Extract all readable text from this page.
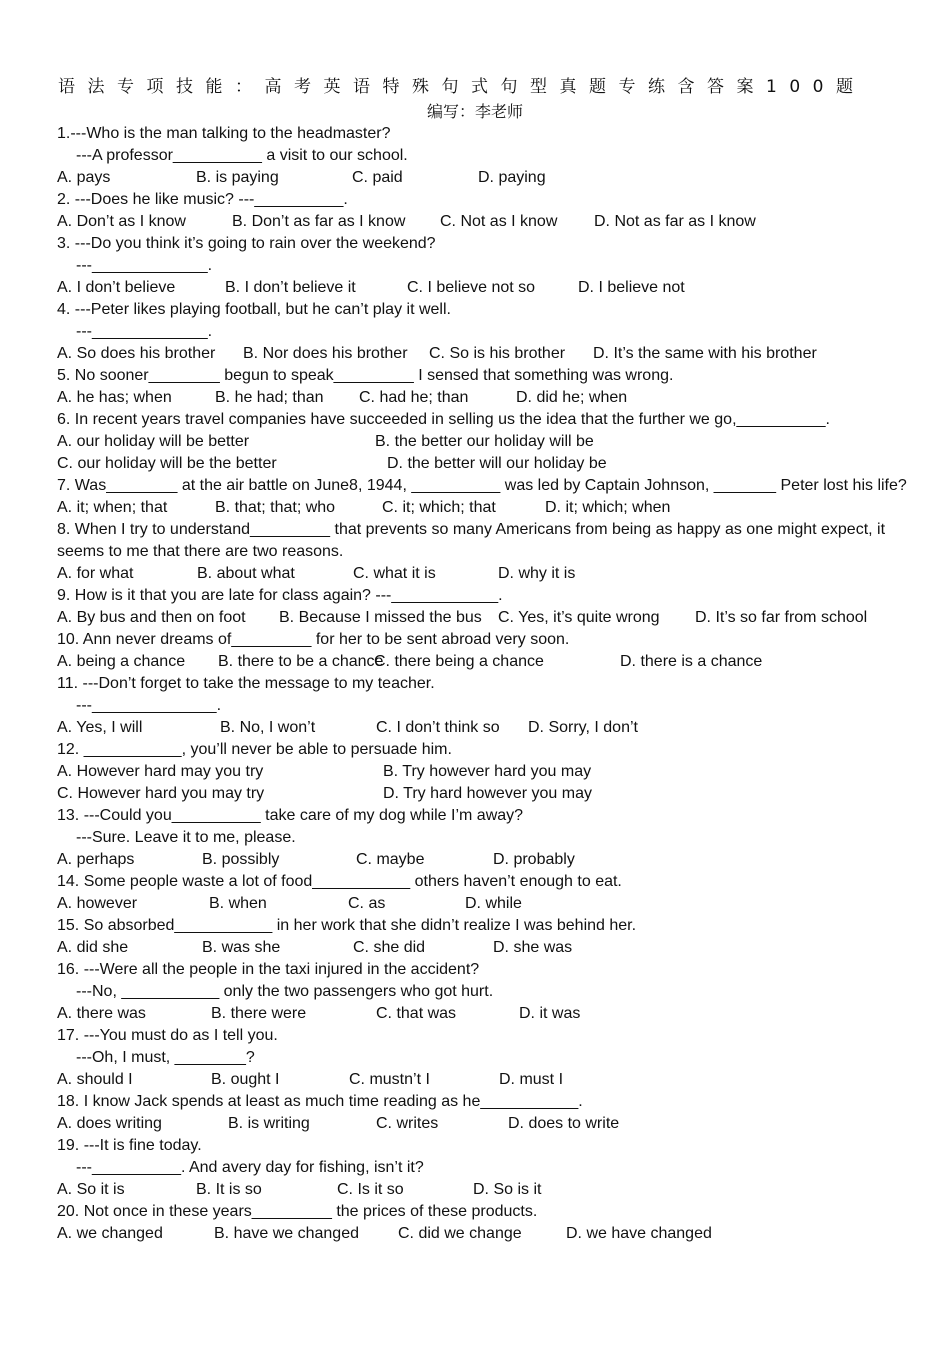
语法专项技能：高考英语特殊句式句型真题专练含答案100题
编写：李老师
1.---Who is the man talking to the headmaster?
---A professor__________ a visit to our school.
A. pays	B. is paying	C. paid	D. paying
2. ---Does he like music? ---__________.
A. Don’t as I know	B. Don’t as far as I know C. Not as I know D. Not as far as I know
3. ---Do you think it’s going to rain over the weekend?
---_____________.
A. I don’t believe	B. I don’t believe it	C. I believe not so	D. I believe not
4. ---Peter likes playing football, but he can’t play it well.
---_____________.
A. So does his brother B. Nor does his brother C. So is his brother D. It’s the same with his brother
5. No sooner________ begun to speak_________ I sensed that something was wrong.
A. he has; when	B. he had; than C. had he; than	D. did he; when
6. In recent years travel companies have succeeded in selling us the idea that the further we go,__________.
A. our holiday will be better	B. the better our holiday will be
C. our holiday will be the better	D. the better will our holiday be
7. Was________ at the air battle on June8, 1944, __________ was led by Captain Johnson, _______ Peter lost his life?
A. it; when; that	B. that; that; who	C. it; which; that	D. it; which; when
8. When I try to understand_________ that prevents so many Americans from being as happy as one might expect, it seems to me that there are two reasons.
A. for what	B. about what	C. what it is	D. why it is
9. How is it that you are late for class again? ---____________.
A. By bus and then on foot B. Because I missed the bus C. Yes, it’s quite wrong D. It’s so far from school
10. Ann never dreams of_________ for her to be sent abroad very soon.
A. being a chance B. there to be a chance
C. there being a chance	D. there is a chance
11. ---Don’t forget to take the message to my teacher.
---______________.
A. Yes, I will	B. No, I won’t	C. I don’t think so D. Sorry, I don’t
12. ___________, you’ll never be able to persuade him.
A. However hard may you try	B. Try however hard you may
C. However hard you may try	D. Try hard however you may
13. ---Could you__________ take care of my dog while I’m away?
---Sure. Leave it to me, please.
A. perhaps	B. possibly	C. maybe	D. probably
14. Some people waste a lot of food___________ others haven’t enough to eat.
A. however	B. when	C. as	D. while
15. So absorbed___________ in her work that she didn’t realize I was behind her.
A. did she	B. was she	C. she did	D. she was
16. ---Were all the people in the taxi injured in the accident?
---No, ___________ only the two passengers who got hurt.
A. there was	B. there were	C. that was	D. it was
17. ---You must do as I tell you.
---Oh, I must, ________?
A. should I	B. ought I	C. mustn’t I	D. must I
18. I know Jack spends at least as much time reading as he___________.
A. does writing	B. is writing	C. writes	D. does to write
19. ---It is fine today.
---__________. And avery day for fishing, isn’t it?
A. So it is	B. It is so	C. Is it so	D. So is it
20. Not once in these years_________ the prices of these products.
A. we changed	B. have we changed C. did we change	D. we have changed
